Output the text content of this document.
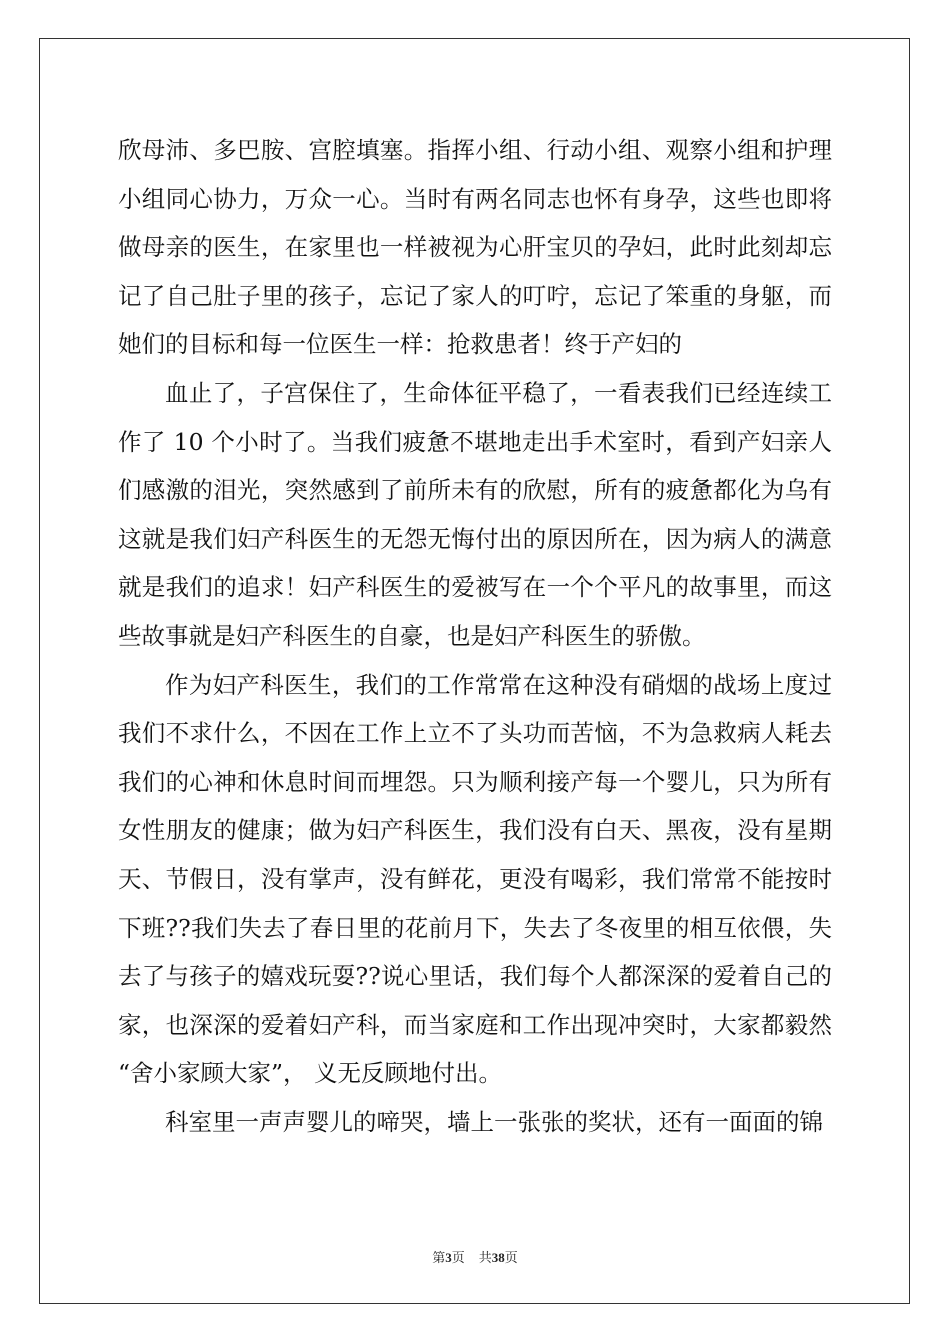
欣母沛、多巴胺、宫腔填塞。指挥小组、行动小组、观察小组和护理
小组同心协力，万众一心。当时有两名同志也怀有身孕，这些也即将
做母亲的医生，在家里也一样被视为心肝宝贝的孕妇，此时此刻却忘
记了自己肚子里的孩子，忘记了家人的叮咛，忘记了笨重的身躯，而
她们的目标和每一位医生一样：抢救患者！终于产妇的
血止了，子宫保住了，生命体征平稳了，一看表我们已经连续工
作了 10 个小时了。当我们疲惫不堪地走出手术室时，看到产妇亲人
们感激的泪光，突然感到了前所未有的欣慰，所有的疲惫都化为乌有
这就是我们妇产科医生的无怨无悔付出的原因所在，因为病人的满意
就是我们的追求！妇产科医生的爱被写在一个个平凡的故事里，而这
些故事就是妇产科医生的自豪，也是妇产科医生的骄傲。
作为妇产科医生，我们的工作常常在这种没有硝烟的战场上度过
我们不求什么，不因在工作上立不了头功而苦恼，不为急救病人耗去
我们的心神和休息时间而埋怨。只为顺利接产每一个婴儿，只为所有
女性朋友的健康；做为妇产科医生，我们没有白天、黑夜，没有星期
天、节假日，没有掌声，没有鲜花，更没有喝彩，我们常常不能按时
下班??我们失去了春日里的花前月下，失去了冬夜里的相互依偎，失
去了与孩子的嬉戏玩耍??说心里话，我们每个人都深深的爱着自己的
家，也深深的爱着妇产科，而当家庭和工作出现冲突时，大家都毅然
“舍小家顾大家”， 义无反顾地付出。
科室里一声声婴儿的啼哭，墙上一张张的奖状，还有一面面的锦
第3页 共38页
